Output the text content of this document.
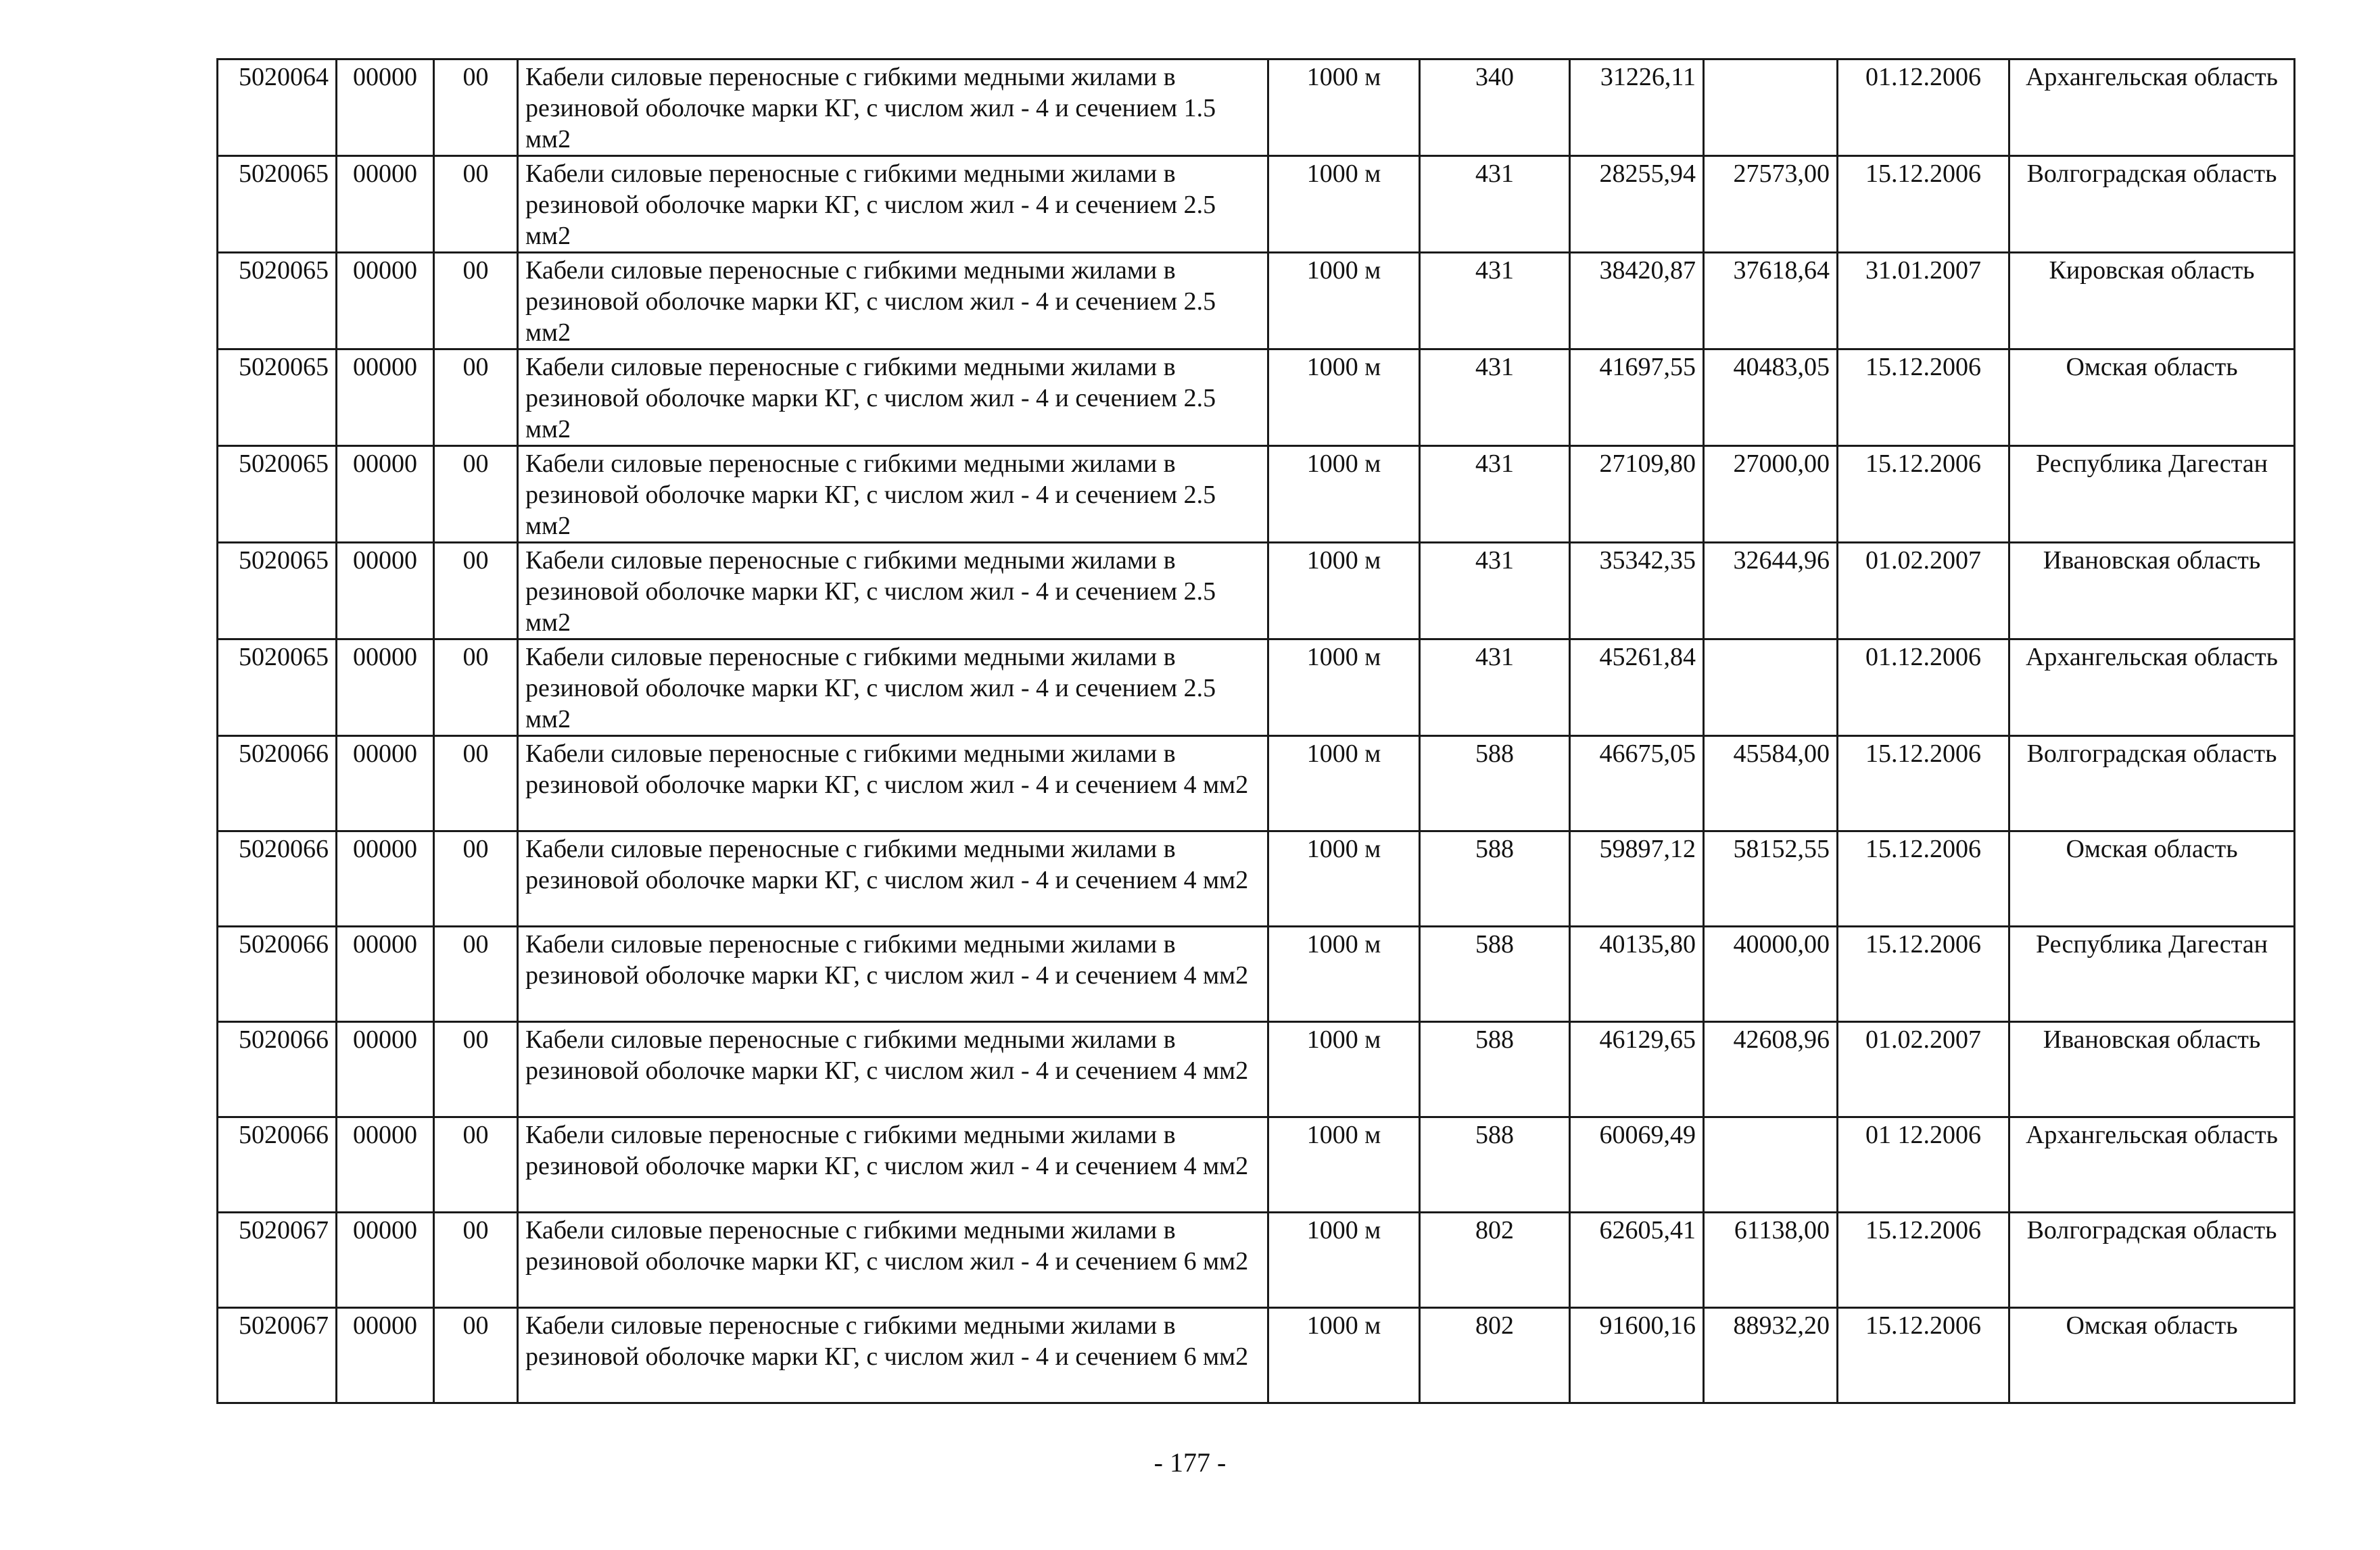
5020064	00000	00	Кабели силовые переносные с гибкими медными жилами в резиновой оболочке марки КГ, с числом жил - 4 и сечением 1.5 мм2	1000 м	340	31226,11		01.12.2006	Архангельская область
5020065	00000	00	Кабели силовые переносные с гибкими медными жилами в резиновой оболочке марки КГ, с числом жил - 4 и сечением 2.5 мм2	1000 м	431	28255,94	27573,00	15.12.2006	Волгоградская область
5020065	00000	00	Кабели силовые переносные с гибкими медными жилами в резиновой оболочке марки КГ, с числом жил - 4 и сечением 2.5 мм2	1000 м	431	38420,87	37618,64	31.01.2007	Кировская область
5020065	00000	00	Кабели силовые переносные с гибкими медными жилами в резиновой оболочке марки КГ, с числом жил - 4 и сечением 2.5 мм2	1000 м	431	41697,55	40483,05	15.12.2006	Омская область
5020065	00000	00	Кабели силовые переносные с гибкими медными жилами в резиновой оболочке марки КГ, с числом жил - 4 и сечением 2.5 мм2	1000 м	431	27109,80	27000,00	15.12.2006	Республика Дагестан
5020065	00000	00	Кабели силовые переносные с гибкими медными жилами в резиновой оболочке марки КГ, с числом жил - 4 и сечением 2.5 мм2	1000 м	431	35342,35	32644,96	01.02.2007	Ивановская область
5020065	00000	00	Кабели силовые переносные с гибкими медными жилами в резиновой оболочке марки КГ, с числом жил - 4 и сечением 2.5 мм2	1000 м	431	45261,84		01.12.2006	Архангельская область
5020066	00000	00	Кабели силовые переносные с гибкими медными жилами в резиновой оболочке марки КГ, с числом жил - 4 и сечением 4 мм2	1000 м	588	46675,05	45584,00	15.12.2006	Волгоградская область
5020066	00000	00	Кабели силовые переносные с гибкими медными жилами в резиновой оболочке марки КГ, с числом жил - 4 и сечением 4 мм2	1000 м	588	59897,12	58152,55	15.12.2006	Омская область
5020066	00000	00	Кабели силовые переносные с гибкими медными жилами в резиновой оболочке марки КГ, с числом жил - 4 и сечением 4 мм2	1000 м	588	40135,80	40000,00	15.12.2006	Республика Дагестан
5020066	00000	00	Кабели силовые переносные с гибкими медными жилами в резиновой оболочке марки КГ, с числом жил - 4 и сечением 4 мм2	1000 м	588	46129,65	42608,96	01.02.2007	Ивановская область
5020066	00000	00	Кабели силовые переносные с гибкими медными жилами в резиновой оболочке марки КГ, с числом жил - 4 и сечением 4 мм2	1000 м	588	60069,49		01 12.2006	Архангельская область
5020067	00000	00	Кабели силовые переносные с гибкими медными жилами в резиновой оболочке марки КГ, с числом жил - 4 и сечением 6 мм2	1000 м	802	62605,41	61138,00	15.12.2006	Волгоградская область
5020067	00000	00	Кабели силовые переносные с гибкими медными жилами в резиновой оболочке марки КГ, с числом жил - 4 и сечением 6 мм2	1000 м	802	91600,16	88932,20	15.12.2006	Омская область
- 177 -
